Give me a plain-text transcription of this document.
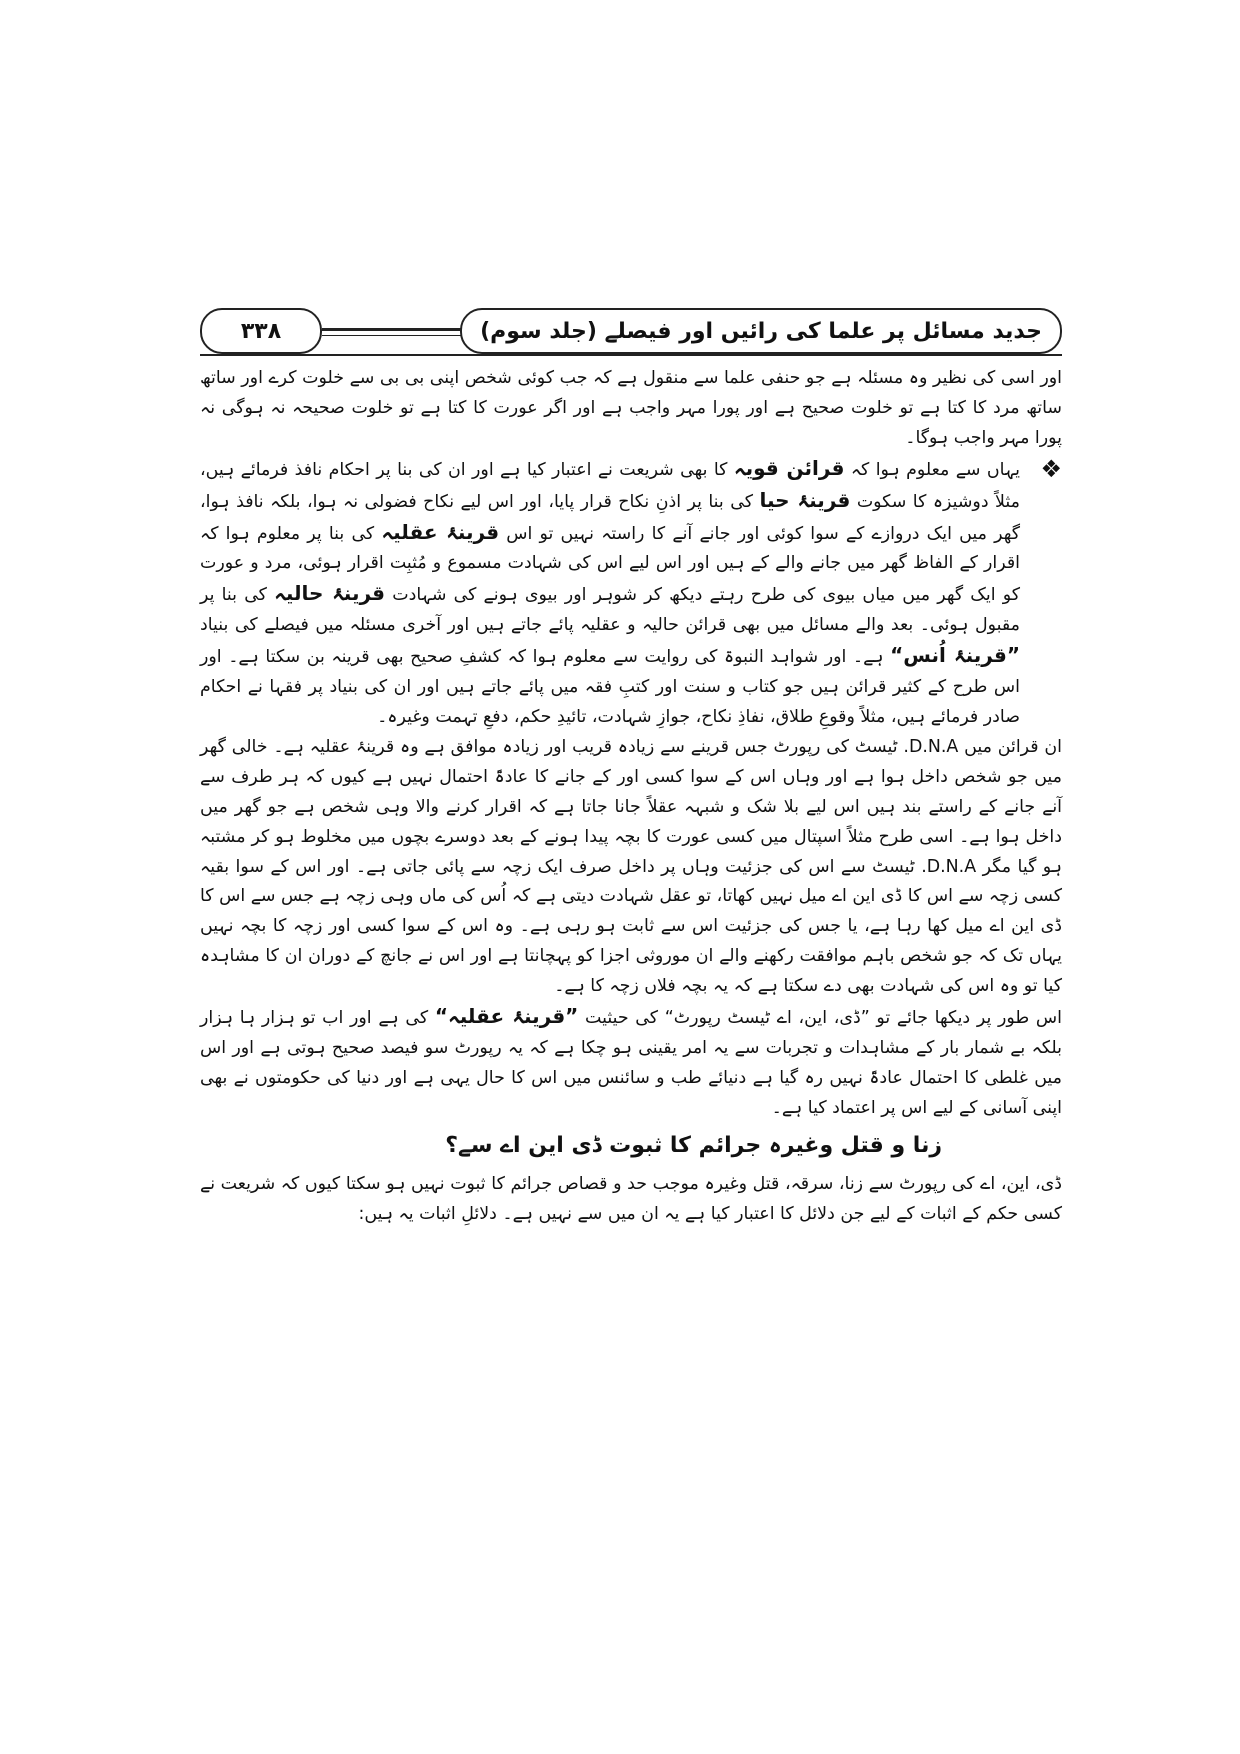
جدید مسائل پر علما کی رائیں اور فیصلے (جلد سوم)
۳۳۸

اور اسی کی نظیر وہ مسئلہ ہے جو حنفی علما سے منقول ہے کہ جب کوئی شخص اپنی بی بی سے خلوت کرے اور ساتھ ساتھ مرد کا کتا ہے تو خلوت صحیح ہے اور پورا مہر واجب ہے اور اگر عورت کا کتا ہے تو خلوت صحیحہ نہ ہوگی نہ پورا مہر واجب ہوگا۔

❖
یہاں سے معلوم ہوا کہ قرائن قویہ کا بھی شریعت نے اعتبار کیا ہے اور ان کی بنا پر احکام نافذ فرمائے ہیں، مثلاً دوشیزہ کا سکوت قرینۂ حیا کی بنا پر اذنِ نکاح قرار پایا، اور اس لیے نکاح فضولی نہ ہوا، بلکہ نافذ ہوا، گھر میں ایک دروازے کے سوا کوئی اور جانے آنے کا راستہ نہیں تو اس قرینۂ عقلیہ کی بنا پر معلوم ہوا کہ اقرار کے الفاظ گھر میں جانے والے کے ہیں اور اس لیے اس کی شہادت مسموع و مُثبِت اقرار ہوئی، مرد و عورت کو ایک گھر میں میاں بیوی کی طرح رہتے دیکھ کر شوہر اور بیوی ہونے کی شہادت قرینۂ حالیہ کی بنا پر مقبول ہوئی۔ بعد والے مسائل میں بھی قرائن حالیہ و عقلیہ پائے جاتے ہیں اور آخری مسئلہ میں فیصلے کی بنیاد ”قرینۂ اُنس“ ہے۔ اور شواہد النبوۃ کی روایت سے معلوم ہوا کہ کشفِ صحیح بھی قرینہ بن سکتا ہے۔ اور اس طرح کے کثیر قرائن ہیں جو کتاب و سنت اور کتبِ فقہ میں پائے جاتے ہیں اور ان کی بنیاد پر فقہا نے احکام صادر فرمائے ہیں، مثلاً وقوعِ طلاق، نفاذِ نکاح، جوازِ شہادت، تائیدِ حکم، دفعِ تہمت وغیرہ۔

ان قرائن میں D.N.A. ٹیسٹ کی رپورٹ جس قرینے سے زیادہ قریب اور زیادہ موافق ہے وہ قرینۂ عقلیہ ہے۔ خالی گھر میں جو شخص داخل ہوا ہے اور وہاں اس کے سوا کسی اور کے جانے کا عادۃً احتمال نہیں ہے کیوں کہ ہر طرف سے آنے جانے کے راستے بند ہیں اس لیے بلا شک و شبہہ عقلاً جانا جاتا ہے کہ اقرار کرنے والا وہی شخص ہے جو گھر میں داخل ہوا ہے۔ اسی طرح مثلاً اسپتال میں کسی عورت کا بچہ پیدا ہونے کے بعد دوسرے بچوں میں مخلوط ہو کر مشتبہ ہو گیا مگر D.N.A. ٹیسٹ سے اس کی جزئیت وہاں پر داخل صرف ایک زچہ سے پائی جاتی ہے۔ اور اس کے سوا بقیہ کسی زچہ سے اس کا ڈی این اے میل نہیں کھاتا، تو عقل شہادت دیتی ہے کہ اُس کی ماں وہی زچہ ہے جس سے اس کا ڈی این اے میل کھا رہا ہے، یا جس کی جزئیت اس سے ثابت ہو رہی ہے۔ وہ اس کے سوا کسی اور زچہ کا بچہ نہیں یہاں تک کہ جو شخص باہم موافقت رکھنے والے ان موروثی اجزا کو پہچانتا ہے اور اس نے جانچ کے دوران ان کا مشاہدہ کیا تو وہ اس کی شہادت بھی دے سکتا ہے کہ یہ بچہ فلاں زچہ کا ہے۔

اس طور پر دیکھا جائے تو ”ڈی، این، اے ٹیسٹ رپورٹ“ کی حیثیت ”قرینۂ عقلیہ“ کی ہے اور اب تو ہزار ہا ہزار بلکہ بے شمار بار کے مشاہدات و تجربات سے یہ امر یقینی ہو چکا ہے کہ یہ رپورٹ سو فیصد صحیح ہوتی ہے اور اس میں غلطی کا احتمال عادۃً نہیں رہ گیا ہے دنیائے طب و سائنس میں اس کا حال یہی ہے اور دنیا کی حکومتوں نے بھی اپنی آسانی کے لیے اس پر اعتماد کیا ہے۔

زنا و قتل وغیرہ جرائم کا ثبوت ڈی این اے سے؟

ڈی، این، اے کی رپورٹ سے زنا، سرقہ، قتل وغیرہ موجب حد و قصاص جرائم کا ثبوت نہیں ہو سکتا کیوں کہ شریعت نے کسی حکم کے اثبات کے لیے جن دلائل کا اعتبار کیا ہے یہ ان میں سے نہیں ہے۔ دلائلِ اثبات یہ ہیں:
